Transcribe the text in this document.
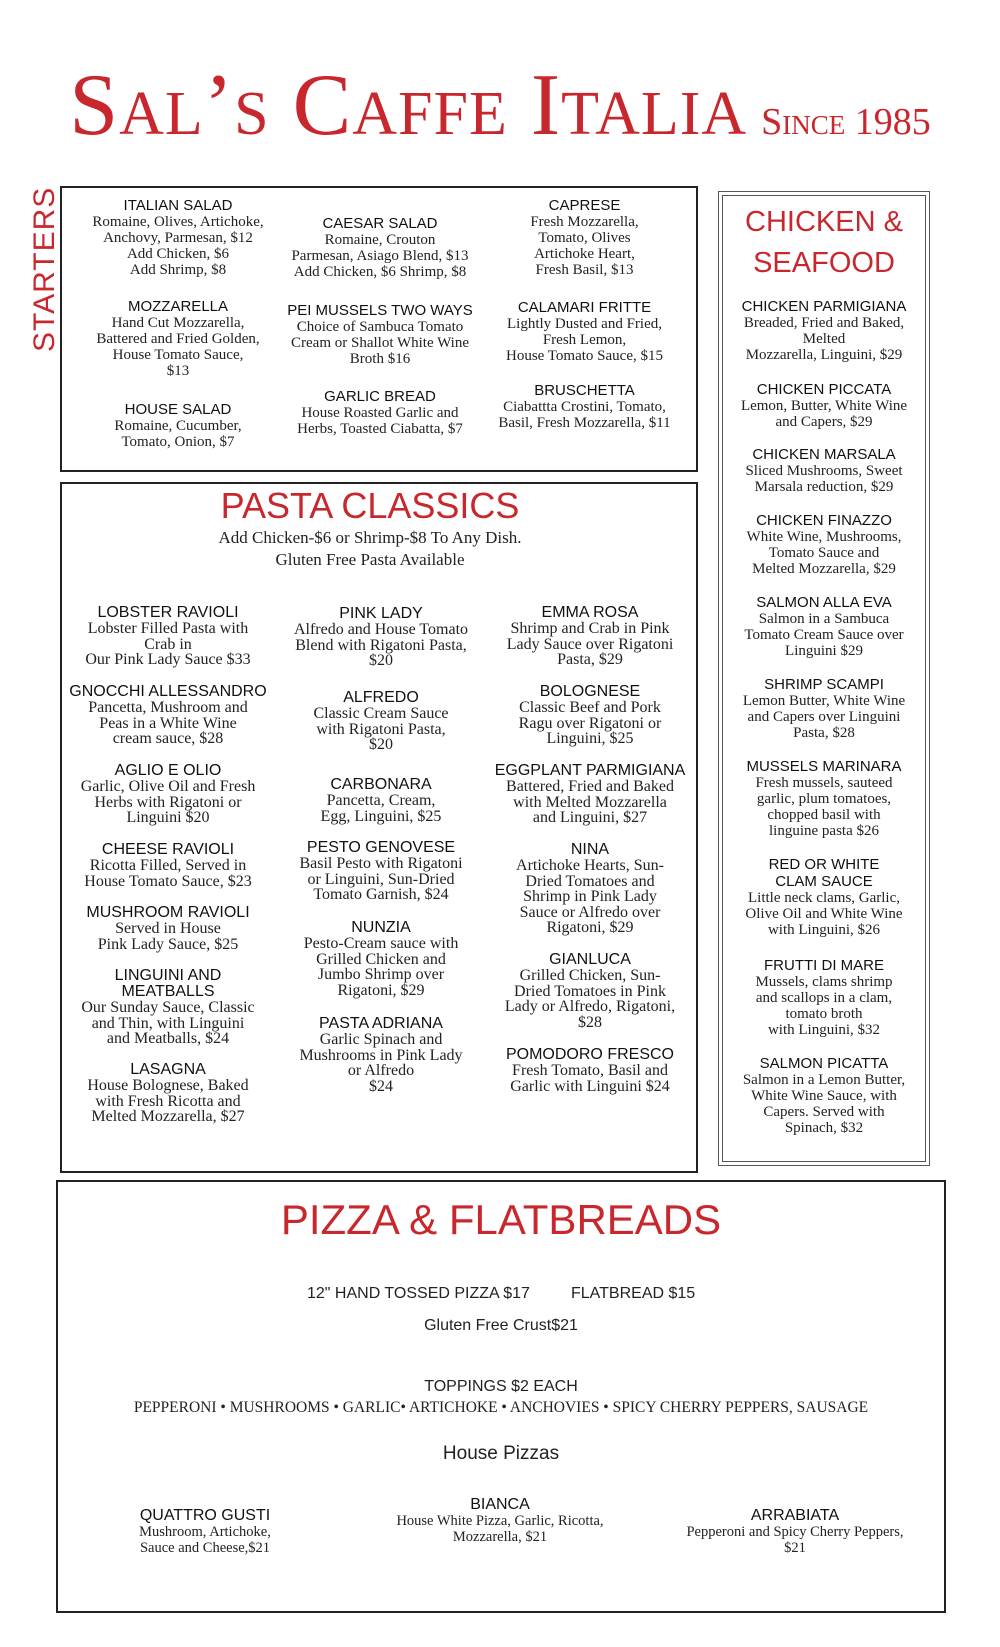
Sal’s Caffe Italia Since 1985
STARTERS	ITALIAN SALAD
Romaine, Olives, Artichoke,
Anchovy, Parmesan, $12
Add Chicken, $6
Add Shrimp, $8
MOZZARELLA
Hand Cut Mozzarella,
Battered and Fried Golden,
House Tomato Sauce,
$13
HOUSE SALAD
Romaine, Cucumber,
Tomato, Onion, $7
CAESAR SALAD
Romaine, Crouton
Parmesan, Asiago Blend, $13
Add Chicken, $6 Shrimp, $8
PEI MUSSELS TWO WAYS
Choice of Sambuca Tomato
Cream or Shallot White Wine
Broth $16
GARLIC BREAD
House Roasted Garlic and
Herbs, Toasted Ciabatta, $7
CAPRESE
Fresh Mozzarella,
Tomato, Olives
Artichoke Heart,
Fresh Basil, $13
CALAMARI FRITTE
Lightly Dusted and Fried,
Fresh Lemon,
House Tomato Sauce, $15
BRUSCHETTA
Ciabattta Crostini, Tomato,
Basil, Fresh Mozzarella, $11
PASTA CLASSICS
Add Chicken-$6 or Shrimp-$8 To Any Dish.
Gluten Free Pasta Available
LOBSTER RAVIOLI
Lobster Filled Pasta with
Crab in
Our Pink Lady Sauce $33
GNOCCHI ALLESSANDRO
Pancetta, Mushroom and
Peas in a White Wine
cream sauce, $28
AGLIO E OLIO
Garlic, Olive Oil and Fresh
Herbs with Rigatoni or
Linguini $20
CHEESE RAVIOLI
Ricotta Filled, Served in
House Tomato Sauce, $23
MUSHROOM RAVIOLI
Served in House
Pink Lady Sauce, $25
LINGUINI AND
MEATBALLS
Our Sunday Sauce, Classic
and Thin, with Linguini
and Meatballs, $24
LASAGNA
House Bolognese, Baked
with Fresh Ricotta and
Melted Mozzarella, $27
PINK LADY
Alfredo and House Tomato
Blend with Rigatoni Pasta,
$20
ALFREDO
Classic Cream Sauce
with Rigatoni Pasta,
$20
CARBONARA
Pancetta, Cream,
Egg, Linguini, $25
PESTO GENOVESE
Basil Pesto with Rigatoni
or Linguini, Sun-Dried
Tomato Garnish, $24
NUNZIA
Pesto-Cream sauce with
Grilled Chicken and
Jumbo Shrimp over
Rigatoni, $29
PASTA ADRIANA
Garlic Spinach and
Mushrooms in Pink Lady
or Alfredo
$24
EMMA ROSA
Shrimp and Crab in Pink
Lady Sauce over Rigatoni
Pasta, $29
BOLOGNESE
Classic Beef and Pork
Ragu over Rigatoni or
Linguini, $25
EGGPLANT PARMIGIANA
Battered, Fried and Baked
with Melted Mozzarella
and Linguini, $27
NINA
Artichoke Hearts, Sun-
Dried Tomatoes and
Shrimp in Pink Lady
Sauce or Alfredo over
Rigatoni, $29
GIANLUCA
Grilled Chicken, Sun-
Dried Tomatoes in Pink
Lady or Alfredo, Rigatoni,
$28
POMODORO FRESCO
Fresh Tomato, Basil and
Garlic with Linguini $24
CHICKEN &
SEAFOOD
CHICKEN PARMIGIANA
Breaded, Fried and Baked,
Melted
Mozzarella, Linguini, $29
CHICKEN PICCATA
Lemon, Butter, White Wine
and Capers, $29
CHICKEN MARSALA
Sliced Mushrooms, Sweet
Marsala reduction, $29
CHICKEN FINAZZO
White Wine, Mushrooms,
Tomato Sauce and
Melted Mozzarella, $29
SALMON ALLA EVA
Salmon in a Sambuca
Tomato Cream Sauce over
Linguini $29
SHRIMP SCAMPI
Lemon Butter, White Wine
and Capers over Linguini
Pasta, $28
MUSSELS MARINARA
Fresh mussels, sauteed
garlic, plum tomatoes,
chopped basil with
linguine pasta $26
RED OR WHITE
CLAM SAUCE
Little neck clams, Garlic,
Olive Oil and White Wine
with Linguini, $26
FRUTTI DI MARE
Mussels, clams shrimp
and scallops in a clam,
tomato broth
with Linguini, $32
SALMON PICATTA
Salmon in a Lemon Butter,
White Wine Sauce, with
Capers. Served with
Spinach, $32
PIZZA & FLATBREADS
12" HAND TOSSED PIZZA $17	FLATBREAD $15
Gluten Free Crust$21
TOPPINGS $2 EACH
PEPPERONI • MUSHROOMS • GARLIC• ARTICHOKE • ANCHOVIES • SPICY CHERRY PEPPERS, SAUSAGE
House Pizzas
QUATTRO GUSTI
Mushroom, Artichoke,
Sauce and Cheese,$21
BIANCA
House White Pizza, Garlic, Ricotta,
Mozzarella, $21
ARRABIATA
Pepperoni and Spicy Cherry Peppers,
$21
